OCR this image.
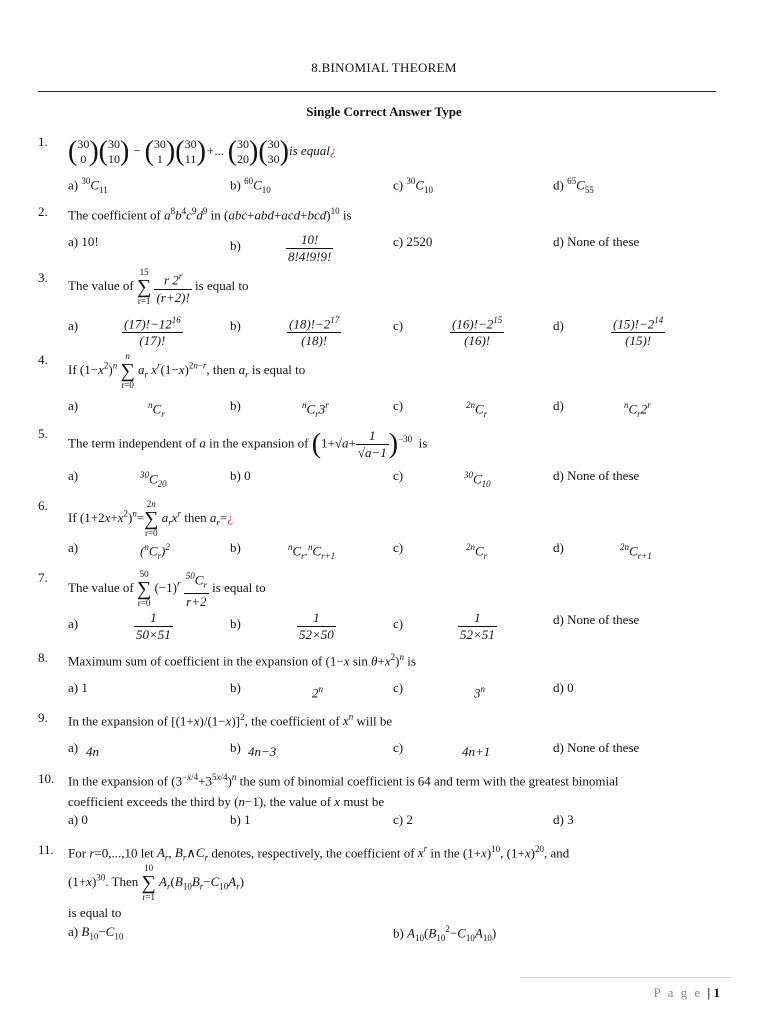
8.BINOMIAL THEOREM
Single Correct Answer Type
1. (30
0 )(30
10) − (30
1 )(30
11)+... (30
20)(30
30)is equal¿
a) $^{30}C_{11}$	b) $^{60}C_{10}$	c) $^{30}C_{10}$	d) $^{65}C_{55}$
2. The coefficient of $a^8b^4c^9d^9$ in $(abc+abd+acd+bcd)^{10}$ is
a) 10!	b)	$\frac{10!}{8!4!9!9!}$	c) 2520	d) None of these
3.
The value of 15
∑
$r=1 \frac{r 2^r}{(r+2)!}$ is equal to
a)	$\frac{(17)!-12^{16}}{(17)!}$	b)	$\frac{(18)!-2^{17}}{(18)!}$	c)	$\frac{(16)!-2^{15}}{(16)!}$	d)	$\frac{(15)!-2^{14}}{(15)!}$
4.
If $(1-x^2)^n$ n
∑
r=0 $a_r$ $x^r(1-x)^{2n-r}$, then $a_r$ is equal to
a)	$^nC_r$
b)	$^nC_r3^r$	c)	$^{2n}C_r$
d)	$^nC_r2^r$
5.
The term independent of a in the expansion of $(1+√a+ \frac{1}{√a-1} )^{-30}$  is
a)	$^{30}C_{20}$
b) 0	c)	$^{30}C_{10}$
d) None of these
6.
If $(1+2x+x^2)^n=2n$
∑
r=0 $a_rx^r$ then $a_r=¿$
a)	$(^nC_r)^2$	b)	$^nC_r.^nC_{r+1}$
c)	$^{2n}C_r$
d)	$^{2n}C_{r+1}$
7.
The value of 50
∑
r=0 $(-1)^r \frac{^{50}C_r}{r+2}$ is equal to
a)	$\frac{1}{50\times 51}$	b)	$\frac{1}{52\times 50}$	c)	$\frac{1}{52\times 51}$	d) None of these
8. Maximum sum of coefficient in the expansion of (1−x $\sin \theta+x^2)^n$ is
a) 1	b)	2$^n$	c)	3$^n$	d) 0
9. In the expansion of $[(1+x)/(1-x)]^2$, the coefficient of $x^n$ will be
a) 4n	b) 4n−3	c)	4n+1	d) None of these
10. In the expansion of $(3^{-x/4}+3^{5x/4})^n$ the sum of binomial coefficient is 64 and term with the greatest binomial
coefficient exceeds the third by (n−1), the value of x must be
a) 0	b) 1	c) 2	d) 3
11. For r=0,...,10 let $A_r$, $B_r\wedge C_r$ denotes, respectively, the coefficient of $x^r$ in the $(1+x)^{10}$, $(1+x)^{20}$, and
$(1+x)^{30}$. Then 10
∑
r=1 $A_r(B_{10}B_r-C_{10}A_r)$
is equal to
a) $B_{10}-C_{10}$	b) $A_{10}(B_{10}^2-C_{10}A_{10})$
P a g e | 1
